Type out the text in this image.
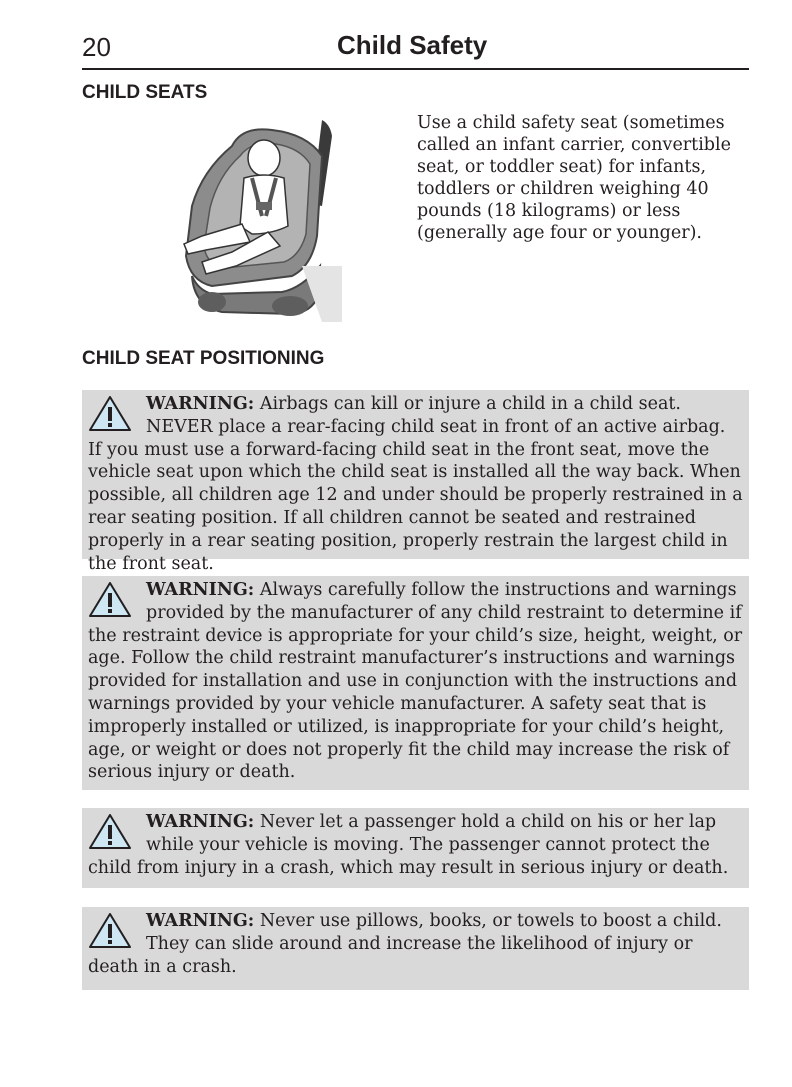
20	Child Safety
CHILD SEATS
Use a child safety seat (sometimes called an infant carrier, convertible seat, or toddler seat) for infants, toddlers or children weighing 40 pounds (18 kilograms) or less (generally age four or younger).
CHILD SEAT POSITIONING

WARNING: Airbags can kill or injure a child in a child seat. NEVER place a rear-facing child seat in front of an active airbag. If you must use a forward-facing child seat in the front seat, move the vehicle seat upon which the child seat is installed all the way back. When possible, all children age 12 and under should be properly restrained in a rear seating position. If all children cannot be seated and restrained properly in a rear seating position, properly restrain the largest child in the front seat.

WARNING: Always carefully follow the instructions and warnings provided by the manufacturer of any child restraint to determine if the restraint device is appropriate for your child’s size, height, weight, or age. Follow the child restraint manufacturer’s instructions and warnings provided for installation and use in conjunction with the instructions and warnings provided by your vehicle manufacturer. A safety seat that is improperly installed or utilized, is inappropriate for your child’s height, age, or weight or does not properly fit the child may increase the risk of serious injury or death.

WARNING: Never let a passenger hold a child on his or her lap while your vehicle is moving. The passenger cannot protect the child from injury in a crash, which may result in serious injury or death.

WARNING: Never use pillows, books, or towels to boost a child. They can slide around and increase the likelihood of injury or death in a crash.
